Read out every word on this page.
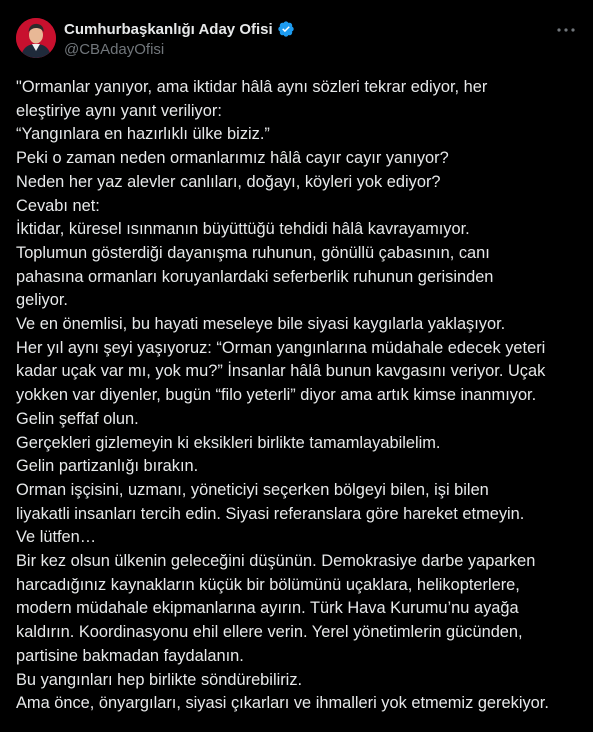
Cumhurbaşkanlığı Aday Ofisi
@CBAdayOfisi
"Ormanlar yanıyor, ama iktidar hâlâ aynı sözleri tekrar ediyor, her
eleştiriye aynı yanıt veriliyor:
“Yangınlara en hazırlıklı ülke biziz.”
Peki o zaman neden ormanlarımız hâlâ cayır cayır yanıyor?
Neden her yaz alevler canlıları, doğayı, köyleri yok ediyor?
Cevabı net:
İktidar, küresel ısınmanın büyüttüğü tehdidi hâlâ kavrayamıyor.
Toplumun gösterdiği dayanışma ruhunun, gönüllü çabasının, canı
pahasına ormanları koruyanlardaki seferberlik ruhunun gerisinden
geliyor.
Ve en önemlisi, bu hayati meseleye bile siyasi kaygılarla yaklaşıyor.
Her yıl aynı şeyi yaşıyoruz: “Orman yangınlarına müdahale edecek yeteri
kadar uçak var mı, yok mu?” İnsanlar hâlâ bunun kavgasını veriyor. Uçak
yokken var diyenler, bugün “filo yeterli” diyor ama artık kimse inanmıyor.
Gelin şeffaf olun.
Gerçekleri gizlemeyin ki eksikleri birlikte tamamlayabilelim.
Gelin partizanlığı bırakın.
Orman işçisini, uzmanı, yöneticiyi seçerken bölgeyi bilen, işi bilen
liyakatli insanları tercih edin. Siyasi referanslara göre hareket etmeyin.
Ve lütfen…
Bir kez olsun ülkenin geleceğini düşünün. Demokrasiye darbe yaparken
harcadığınız kaynakların küçük bir bölümünü uçaklara, helikopterlere,
modern müdahale ekipmanlarına ayırın. Türk Hava Kurumu’nu ayağa
kaldırın. Koordinasyonu ehil ellere verin. Yerel yönetimlerin gücünden,
partisine bakmadan faydalanın.
Bu yangınları hep birlikte söndürebiliriz.
Ama önce, önyargıları, siyasi çıkarları ve ihmalleri yok etmemiz gerekiyor.
